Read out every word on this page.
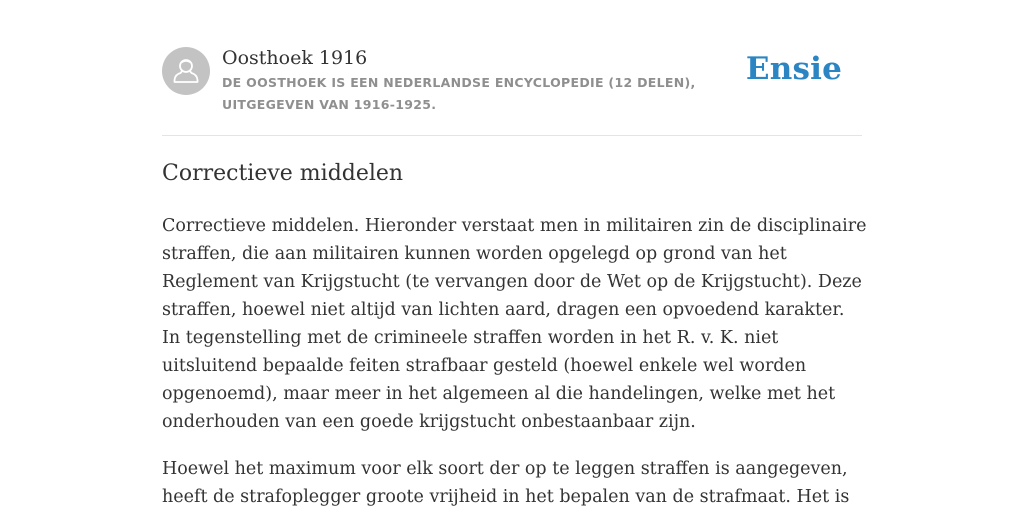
Oosthoek 1916
DE OOSTHOEK IS EEN NEDERLANDSE ENCYCLOPEDIE (12 DELEN), UITGEGEVEN VAN 1916-1925.
Ensie
Correctieve middelen

Correctieve middelen. Hieronder verstaat men in militairen zin de disciplinaire straffen, die aan militairen kunnen worden opgelegd op grond van het Reglement van Krijgstucht (te vervangen door de Wet op de Krijgstucht). Deze straffen, hoewel niet altijd van lichten aard, dragen een opvoedend karakter. In tegenstelling met de crimineele straffen worden in het R. v. K. niet uitsluitend bepaalde feiten strafbaar gesteld (hoewel enkele wel worden opgenoemd), maar meer in het algemeen al die handelingen, welke met het onderhouden van een goede krijgstucht onbestaanbaar zijn.

Hoewel het maximum voor elk soort der op te leggen straffen is aangegeven, heeft de strafoplegger groote vrijheid in het bepalen van de strafmaat. Het is
